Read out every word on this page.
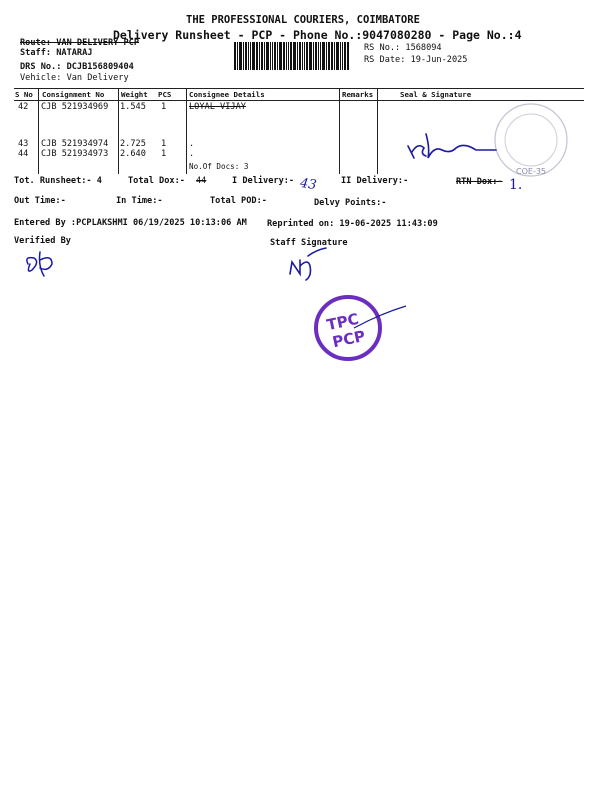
THE PROFESSIONAL COURIERS, COIMBATORE
Delivery Runsheet - PCP - Phone No.:9047080280 - Page No.:4
Route: VAN DELIVERY PCP
Staff: NATARAJ
DRS No.: DCJB156809404
Vehicle: Van Delivery
RS No.: 1568094
RS Date: 19-Jun-2025
S No Consignment No Weight PCS Consignee Details	Remarks	Seal & Signature
42 CJB 521934969 1.545 1	LOYAL VIJAY
43 CJB 521934974 2.725 1	.
44 CJB 521934973 2.640 1	.
No.Of Docs: 3
COE-35
Tot. Runsheet:- 4	Total Dox:- 44	I Delivery:- 43	II Delivery:-	RTN Dox:- 1.
Out Time:-	In Time:-	Total POD:-	Delvy Points:-
Entered By :PCPLAKSHMI 06/19/2025 10:13:06 AM Reprinted on: 19-06-2025 11:43:09
Verified By	Staff Signature
TPC
PCP
